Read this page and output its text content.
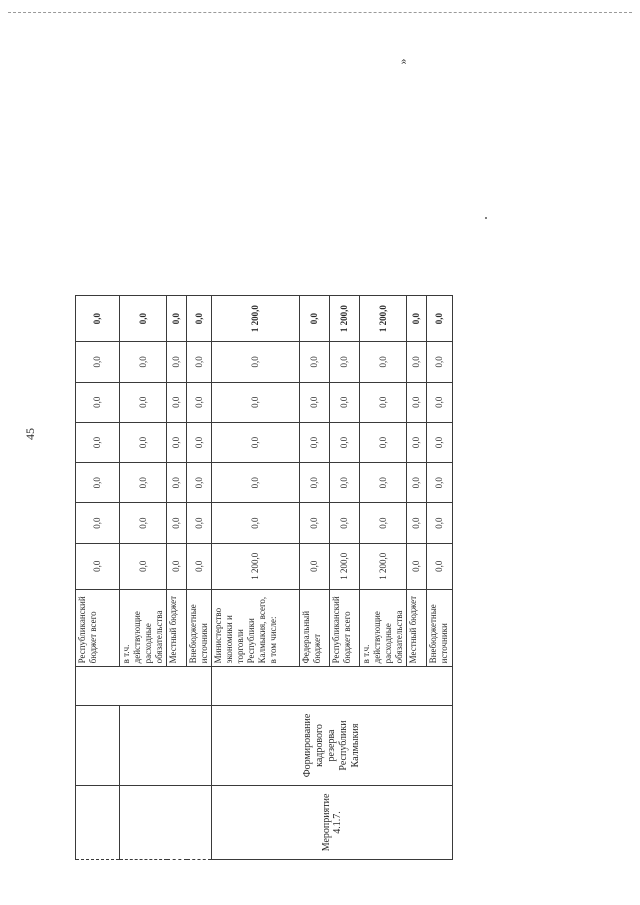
45
			Республиканский бюджет всего	0,0	0,0	0,0	0,0	0,0	0,0	0,0
			в т.ч. действующие расходные обязательства	0,0	0,0	0,0	0,0	0,0	0,0	0,0
			Местный бюджет	0,0	0,0	0,0	0,0	0,0	0,0	0,0
			Внебюджетные источники	0,0	0,0	0,0	0,0	0,0	0,0	0,0
Мероприятие 4.1.7.	Формирование кадрового резерва Республики Калмыкия		Министерство экономики и торговли Республики Калмыкия, всего, в том числе:	1 200,0	0,0	0,0	0,0	0,0	0,0	1 200,0
			Федеральный бюджет	0,0	0,0	0,0	0,0	0,0	0,0	0,0
			Республиканский бюджет всего	1 200,0	0,0	0,0	0,0	0,0	0,0	1 200,0
			в т.ч. действующие расходные обязательства	1 200,0	0,0	0,0	0,0	0,0	0,0	1 200,0
			Местный бюджет	0,0	0,0	0,0	0,0	0,0	0,0	0,0
			Внебюджетные источники	0,0	0,0	0,0	0,0	0,0	0,0	0,0
»
